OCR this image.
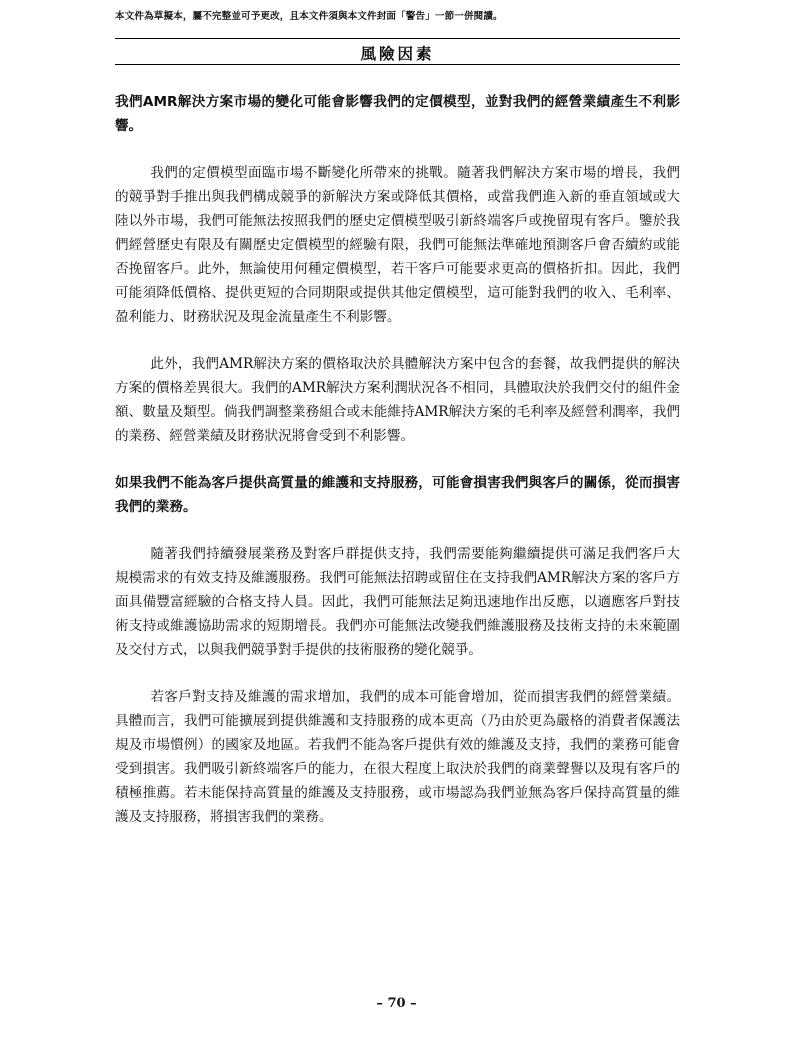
本文件為草擬本，屬不完整並可予更改，且本文件須與本文件封面「警告」一節一併閱讀。
風險因素

我們AMR解決方案市場的變化可能會影響我們的定價模型，並對我們的經營業績產生不利影響。

我們的定價模型面臨市場不斷變化所帶來的挑戰。隨著我們解決方案市場的增長，我們的競爭對手推出與我們構成競爭的新解決方案或降低其價格，或當我們進入新的垂直領域或大陸以外市場，我們可能無法按照我們的歷史定價模型吸引新終端客戶或挽留現有客戶。鑒於我們經營歷史有限及有關歷史定價模型的經驗有限，我們可能無法準確地預測客戶會否續約或能否挽留客戶。此外，無論使用何種定價模型，若干客戶可能要求更高的價格折扣。因此，我們可能須降低價格、提供更短的合同期限或提供其他定價模型，這可能對我們的收入、毛利率、盈利能力、財務狀況及現金流量產生不利影響。

此外，我們AMR解決方案的價格取決於具體解決方案中包含的套餐，故我們提供的解決方案的價格差異很大。我們的AMR解決方案利潤狀況各不相同，具體取決於我們交付的組件金額、數量及類型。倘我們調整業務組合或未能維持AMR解決方案的毛利率及經營利潤率，我們的業務、經營業績及財務狀況將會受到不利影響。

如果我們不能為客戶提供高質量的維護和支持服務，可能會損害我們與客戶的關係，從而損害我們的業務。

隨著我們持續發展業務及對客戶群提供支持，我們需要能夠繼續提供可滿足我們客戶大規模需求的有效支持及維護服務。我們可能無法招聘或留住在支持我們AMR解決方案的客戶方面具備豐富經驗的合格支持人員。因此，我們可能無法足夠迅速地作出反應，以適應客戶對技術支持或維護協助需求的短期增長。我們亦可能無法改變我們維護服務及技術支持的未來範圍及交付方式，以與我們競爭對手提供的技術服務的變化競爭。

若客戶對支持及維護的需求增加，我們的成本可能會增加，從而損害我們的經營業績。具體而言，我們可能擴展到提供維護和支持服務的成本更高（乃由於更為嚴格的消費者保護法規及市場慣例）的國家及地區。若我們不能為客戶提供有效的維護及支持，我們的業務可能會受到損害。我們吸引新終端客戶的能力，在很大程度上取決於我們的商業聲譽以及現有客戶的積極推薦。若未能保持高質量的維護及支持服務，或市場認為我們並無為客戶保持高質量的維護及支持服務，將損害我們的業務。

– 70 –
